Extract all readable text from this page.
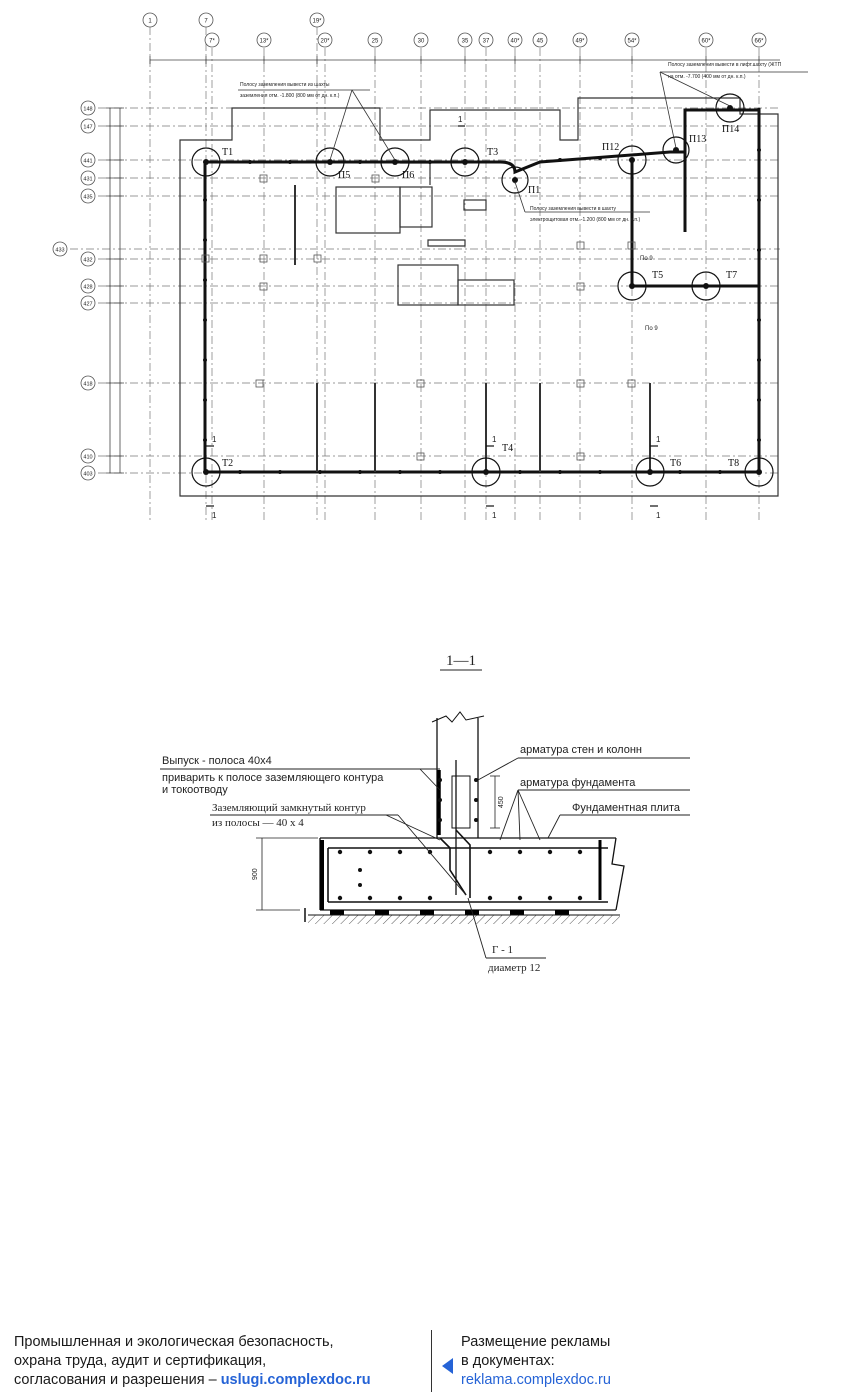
1	7
7*	13*
19*
20*	25	30	35 37	40*	45	49*	54*	60*	66*
148
147
441
431
435
433
432
428
427
418
410
403
Т1
Т2
Т3
Т4
Т5
Т6
Т7
Т8
П1
П5	П6
П12
П13
П14
Полосу заземления вывести из шахты
заземления отм. -1.800 (800 мм от дн. к.п.)
Полосу заземления вывести в лифт.шахту (ЖТП
на отм. -7.700 (400 мм от дн. к.п.)
Полосу заземления вывести в шахту
электрощитовая отм. -1.200 (800 мм от дн. к.п.)
1
1
1
1
1
1
1
По 9
По 9
1—1
Выпуск - полоса 40х4
приварить к полосе заземляющего контура
и токоотводу
Заземляющий замкнутый контур
из полосы — 40 х 4
арматура стен и колонн
арматура фундамента
Фундаментная плита
Г - 1
диаметр 12
900
450
Промышленная и экологическая безопасность,
охрана труда, аудит и сертификация,
согласования и разрешения – uslugi.complexdoc.ru
Размещение рекламы
в документах:
reklama.complexdoc.ru
